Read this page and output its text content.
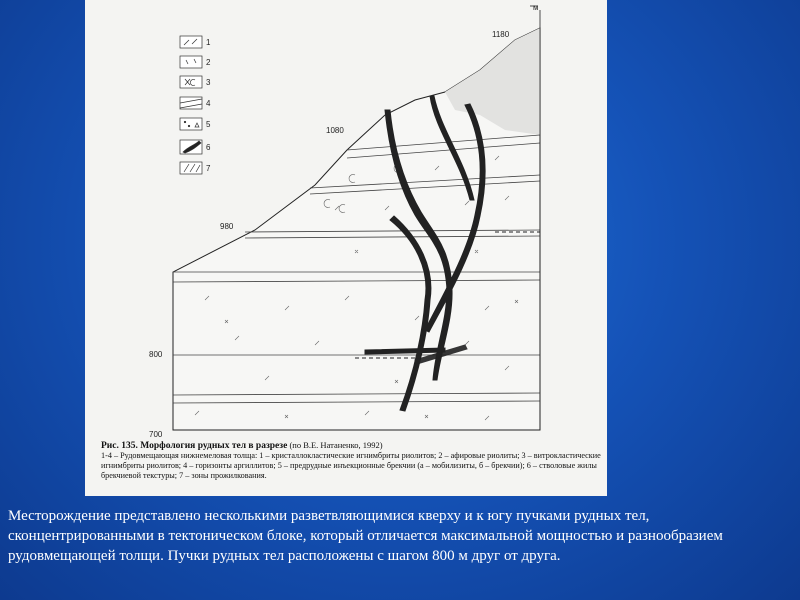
м
1180
1080
980
800
700
1
2
3
4
5
6
7
Рис. 135. Морфология рудных тел в разрезе (по В.Е. Натаненко, 1992)
1-4 – Рудовмещающая нижнемеловая толща: 1 – кристаллокластические игнимбриты риолитов; 2 – афировые риолиты; 3 – витрокластические игнимбриты риолитов; 4 – горизонты аргиллитов; 5 – предрудные инъекционные брекчии (а – мобилизиты, б – брекчии); 6 – стволовые жилы брекчиевой текстуры; 7 – зоны прожилкования.
Месторождение представлено несколькими разветвляющимися кверху и к югу пучками рудных тел, сконцентрированными в тектоническом блоке, который отличается максимальной мощностью и разнообразием рудовмещающей толщи. Пучки рудных тел расположены с шагом 800 м друг от друга.
